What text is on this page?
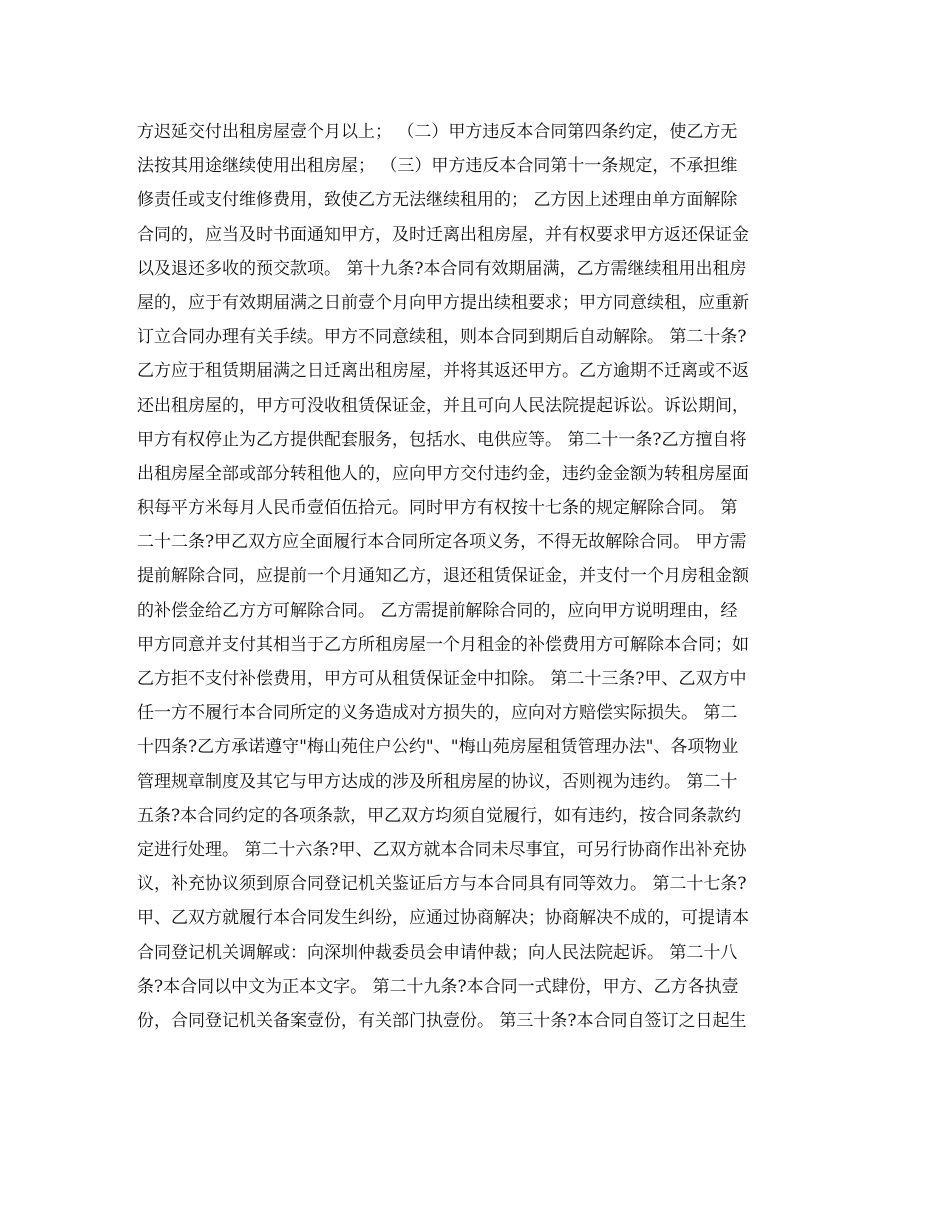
方迟延交付出租房屋壹个月以上； （二）甲方违反本合同第四条约定，使乙方无
法按其用途继续使用出租房屋； （三）甲方违反本合同第十一条规定，不承担维
修责任或支付维修费用，致使乙方无法继续租用的； 乙方因上述理由单方面解除
合同的，应当及时书面通知甲方，及时迁离出租房屋，并有权要求甲方返还保证金
以及退还多收的预交款项。 第十九条?本合同有效期届满，乙方需继续租用出租房
屋的，应于有效期届满之日前壹个月向甲方提出续租要求；甲方同意续租，应重新
订立合同办理有关手续。甲方不同意续租，则本合同到期后自动解除。 第二十条?
乙方应于租赁期届满之日迁离出租房屋，并将其返还甲方。乙方逾期不迁离或不返
还出租房屋的，甲方可没收租赁保证金，并且可向人民法院提起诉讼。诉讼期间，
甲方有权停止为乙方提供配套服务，包括水、电供应等。 第二十一条?乙方擅自将
出租房屋全部或部分转租他人的，应向甲方交付违约金，违约金金额为转租房屋面
积每平方米每月人民币壹佰伍拾元。同时甲方有权按十七条的规定解除合同。 第
二十二条?甲乙双方应全面履行本合同所定各项义务，不得无故解除合同。 甲方需
提前解除合同，应提前一个月通知乙方，退还租赁保证金，并支付一个月房租金额
的补偿金给乙方方可解除合同。 乙方需提前解除合同的，应向甲方说明理由，经
甲方同意并支付其相当于乙方所租房屋一个月租金的补偿费用方可解除本合同；如
乙方拒不支付补偿费用，甲方可从租赁保证金中扣除。 第二十三条?甲、乙双方中
任一方不履行本合同所定的义务造成对方损失的，应向对方赔偿实际损失。 第二
十四条?乙方承诺遵守"梅山苑住户公约"、"梅山苑房屋租赁管理办法"、各项物业
管理规章制度及其它与甲方达成的涉及所租房屋的协议，否则视为违约。 第二十
五条?本合同约定的各项条款，甲乙双方均须自觉履行，如有违约，按合同条款约
定进行处理。 第二十六条?甲、乙双方就本合同未尽事宜，可另行协商作出补充协
议，补充协议须到原合同登记机关鉴证后方与本合同具有同等效力。 第二十七条?
甲、乙双方就履行本合同发生纠纷，应通过协商解决；协商解决不成的，可提请本
合同登记机关调解或：向深圳仲裁委员会申请仲裁；向人民法院起诉。 第二十八
条?本合同以中文为正本文字。 第二十九条?本合同一式肆份，甲方、乙方各执壹
份，合同登记机关备案壹份，有关部门执壹份。 第三十条?本合同自签订之日起生
